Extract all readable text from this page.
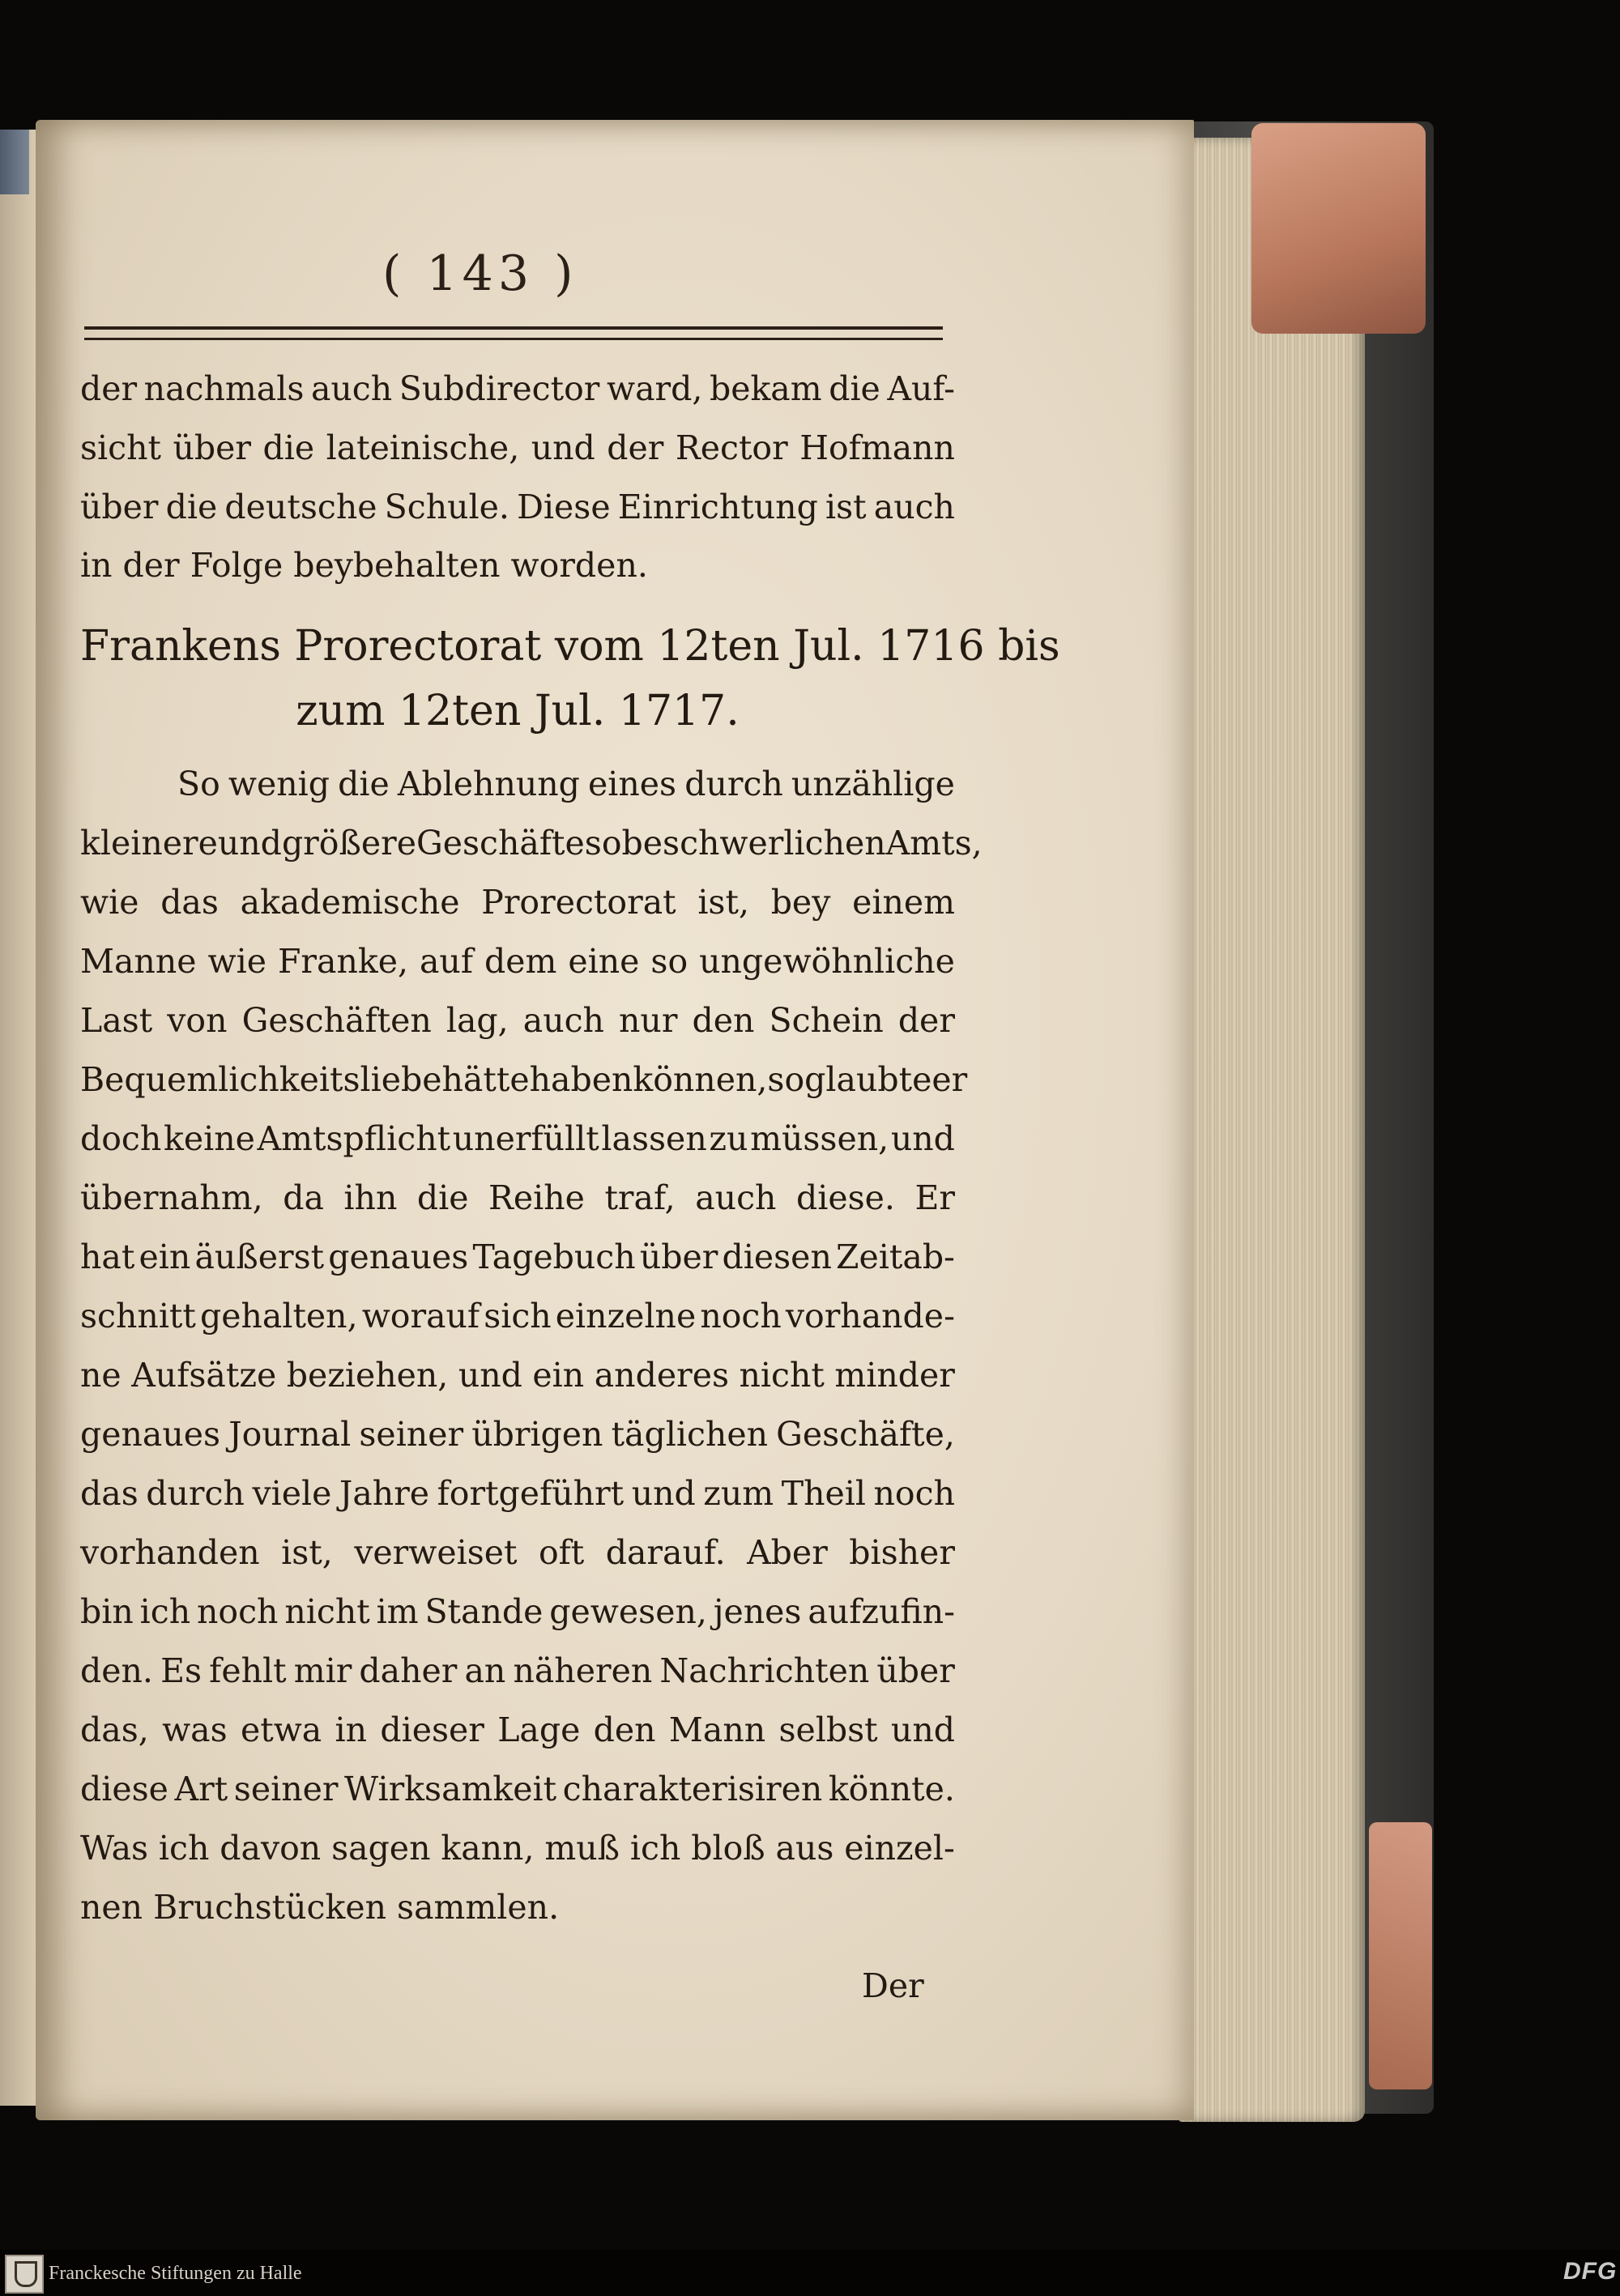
( 143 )
der nachmals auch Subdirector ward, bekam die Auf-
sicht über die lateinische, und der Rector Hofmann
über die deutsche Schule. Diese Einrichtung ist auch
in der Folge beybehalten worden.
Frankens Prorectorat vom 12ten Jul. 1716 bis
zum 12ten Jul. 1717.
So wenig die Ablehnung eines durch unzählige
kleinere und größere Geschäfte so beschwerlichen Amts,
wie das akademische Prorectorat ist, bey einem
Manne wie Franke, auf dem eine so ungewöhnliche
Last von Geschäften lag, auch nur den Schein der
Bequemlichkeitsliebe hätte haben können, so glaubte er
doch keine Amtspflicht unerfüllt lassen zu müssen, und
übernahm, da ihn die Reihe traf, auch diese. Er
hat ein äußerst genaues Tagebuch über diesen Zeitab-
schnitt gehalten, worauf sich einzelne noch vorhande-
ne Aufsätze beziehen, und ein anderes nicht minder
genaues Journal seiner übrigen täglichen Geschäfte,
das durch viele Jahre fortgeführt und zum Theil noch
vorhanden ist, verweiset oft darauf. Aber bisher
bin ich noch nicht im Stande gewesen, jenes aufzufin-
den. Es fehlt mir daher an näheren Nachrichten über
das, was etwa in dieser Lage den Mann selbst und
diese Art seiner Wirksamkeit charakterisiren könnte.
Was ich davon sagen kann, muß ich bloß aus einzel-
nen Bruchstücken sammlen.
Der
Franckesche Stiftungen zu Halle	DFG
